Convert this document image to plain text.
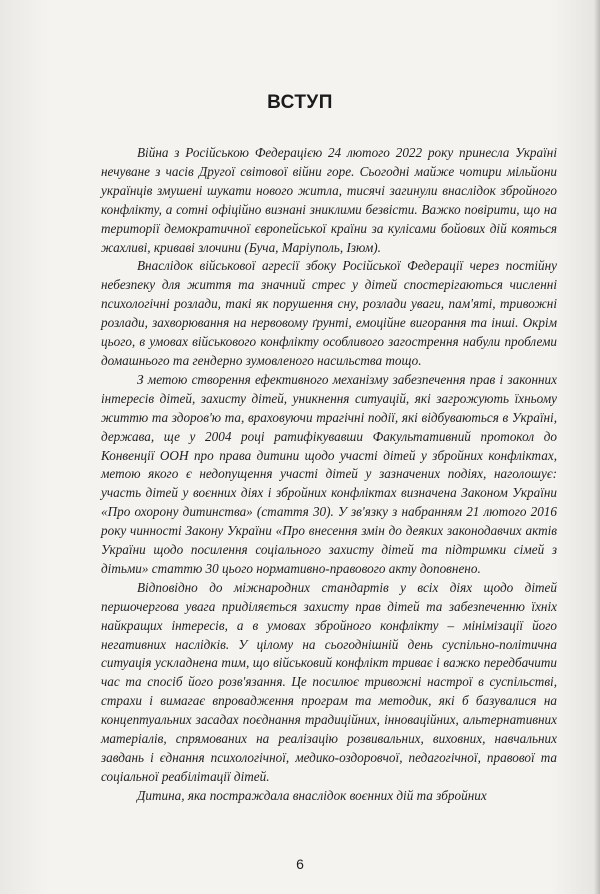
ВСТУП

Війна з Російською Федерацією 24 лютого 2022 року принесла Україні нечуване з часів Другої світової війни горе. Сьогодні майже чотири мільйони українців змушені шукати нового житла, тисячі загинули внаслідок збройного конфлікту, а сотні офіційно визнані зниклими безвісти. Важко повірити, що на території демократичної європейської країни за кулісами бойових дій кояться жахливі, криваві злочини (Буча, Маріуполь, Ізюм).

Внаслідок військової агресії збоку Російської Федерації через постійну небезпеку для життя та значний стрес у дітей спостерігаються численні психологічні розлади, такі як порушення сну, розлади уваги, пам'яті, тривожні розлади, захворювання на нервовому ґрунті, емоційне вигорання та інші. Окрім цього, в умовах військового конфлікту особливого загострення набули проблеми домашнього та гендерно зумовленого насильства тощо.

З метою створення ефективного механізму забезпечення прав і законних інтересів дітей, захисту дітей, уникнення ситуацій, які загрожують їхньому життю та здоров'ю та, враховуючи трагічні події, які відбуваються в Україні, держава, ще у 2004 році ратифікувавши Факультативний протокол до Конвенції ООН про права дитини щодо участі дітей у збройних конфліктах, метою якого є недопущення участі дітей у зазначених подіях, наголошує: участь дітей у воєнних діях і збройних конфліктах визначена Законом України «Про охорону дитинства» (стаття 30). У зв'язку з набранням 21 лютого 2016 року чинності Закону України «Про внесення змін до деяких законодавчих актів України щодо посилення соціального захисту дітей та підтримки сімей з дітьми» статтю 30 цього нормативно-правового акту доповнено.

Відповідно до міжнародних стандартів у всіх діях щодо дітей першочергова увага приділяється захисту прав дітей та забезпеченню їхніх найкращих інтересів, а в умовах збройного конфлікту – мінімізації його негативних наслідків. У цілому на сьогоднішній день суспільно-політична ситуація ускладнена тим, що військовий конфлікт триває і важко передбачити час та спосіб його розв'язання. Це посилює тривожні настрої в суспільстві, страхи і вимагає впровадження програм та методик, які б базувалися на концептуальних засадах поєднання традиційних, інноваційних, альтернативних матеріалів, спрямованих на реалізацію розвивальних, виховних, навчальних завдань і єднання психологічної, медико-оздоровчої, педагогічної, правової та соціальної реабілітації дітей.

Дитина, яка постраждала внаслідок воєнних дій та збройних

6
